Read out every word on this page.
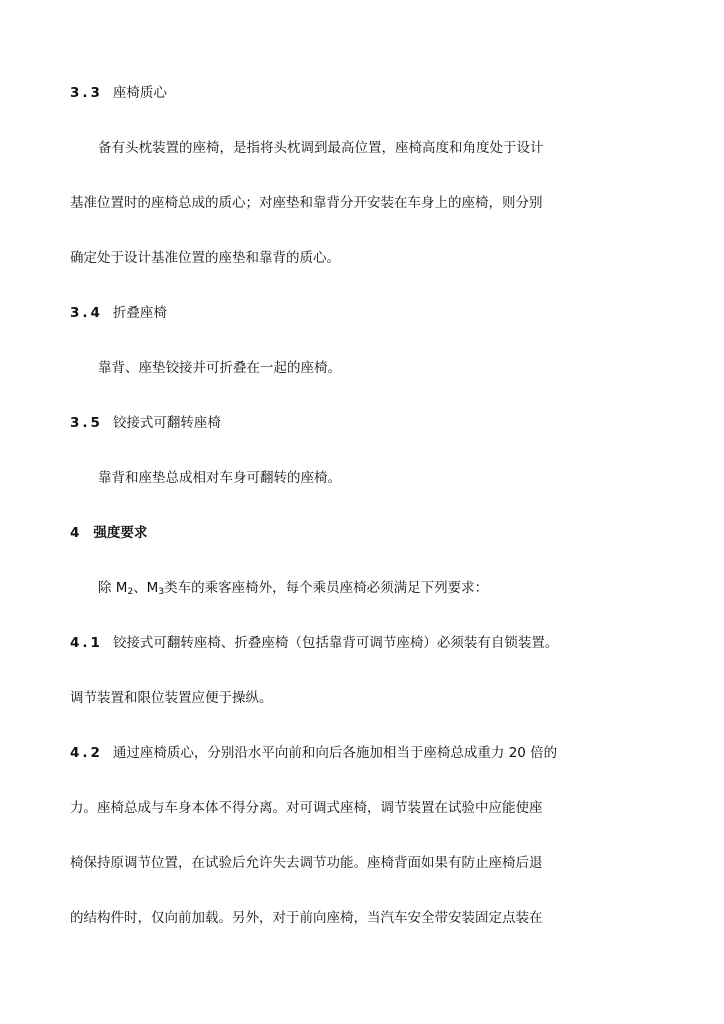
3.3 座椅质心
备有头枕装置的座椅，是指将头枕调到最高位置，座椅高度和角度处于设计
基准位置时的座椅总成的质心；对座垫和靠背分开安装在车身上的座椅，则分别
确定处于设计基准位置的座垫和靠背的质心。
3.4 折叠座椅
靠背、座垫铰接并可折叠在一起的座椅。
3.5 铰接式可翻转座椅
靠背和座垫总成相对车身可翻转的座椅。
4 强度要求
除 $M_2$、$M_3$类车的乘客座椅外，每个乘员座椅必须满足下列要求：
4.1 铰接式可翻转座椅、折叠座椅（包括靠背可调节座椅）必须装有自锁装置。
调节装置和限位装置应便于操纵。
4.2 通过座椅质心，分别沿水平向前和向后各施加相当于座椅总成重力 20 倍的
力。座椅总成与车身本体不得分离。对可调式座椅，调节装置在试验中应能使座
椅保持原调节位置，在试验后允许失去调节功能。座椅背面如果有防止座椅后退
的结构件时，仅向前加载。另外，对于前向座椅，当汽车安全带安装固定点装在
